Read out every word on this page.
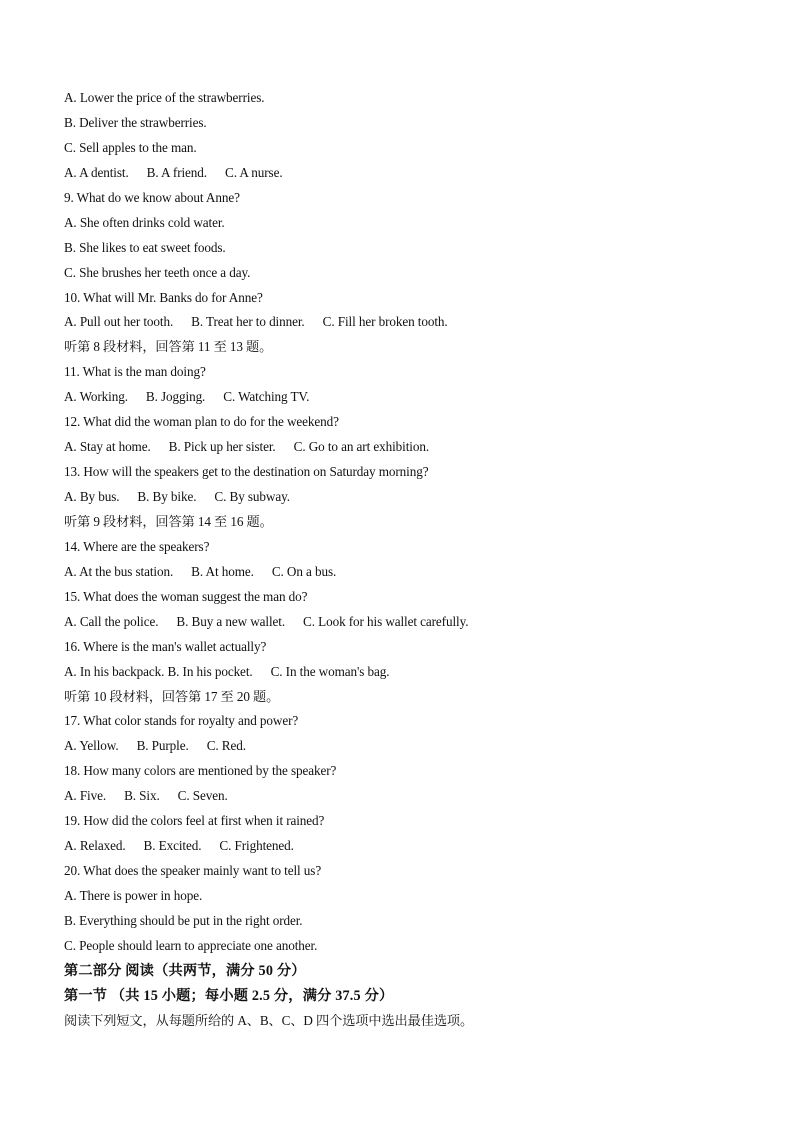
A. Lower the price of the strawberries.
B. Deliver the strawberries.
C. Sell apples to the man.
A. A dentist. B. A friend. C. A nurse.
9. What do we know about Anne?
A. She often drinks cold water.
B. She likes to eat sweet foods.
C. She brushes her teeth once a day.
10. What will Mr. Banks do for Anne?
A. Pull out her tooth. B. Treat her to dinner. C. Fill her broken tooth.
听第 8 段材料，回答第 11 至 13 题。
11. What is the man doing?
A. Working. B. Jogging. C. Watching TV.
12. What did the woman plan to do for the weekend?
A. Stay at home. B. Pick up her sister. C. Go to an art exhibition.
13. How will the speakers get to the destination on Saturday morning?
A. By bus. B. By bike. C. By subway.
听第 9 段材料，回答第 14 至 16 题。
14. Where are the speakers?
A. At the bus station. B. At home. C. On a bus.
15. What does the woman suggest the man do?
A. Call the police. B. Buy a new wallet. C. Look for his wallet carefully.
16. Where is the man's wallet actually?
A. In his backpack. B. In his pocket. C. In the woman's bag.
听第 10 段材料，回答第 17 至 20 题。
17. What color stands for royalty and power?
A. Yellow. B. Purple. C. Red.
18. How many colors are mentioned by the speaker?
A. Five. B. Six. C. Seven.
19. How did the colors feel at first when it rained?
A. Relaxed. B. Excited. C. Frightened.
20. What does the speaker mainly want to tell us?
A. There is power in hope.
B. Everything should be put in the right order.
C. People should learn to appreciate one another.
第二部分 阅读（共两节，满分 50 分）
第一节 （共 15 小题；每小题 2.5 分，满分 37.5 分）
阅读下列短文，从每题所给的 A、B、C、D 四个选项中选出最佳选项。
